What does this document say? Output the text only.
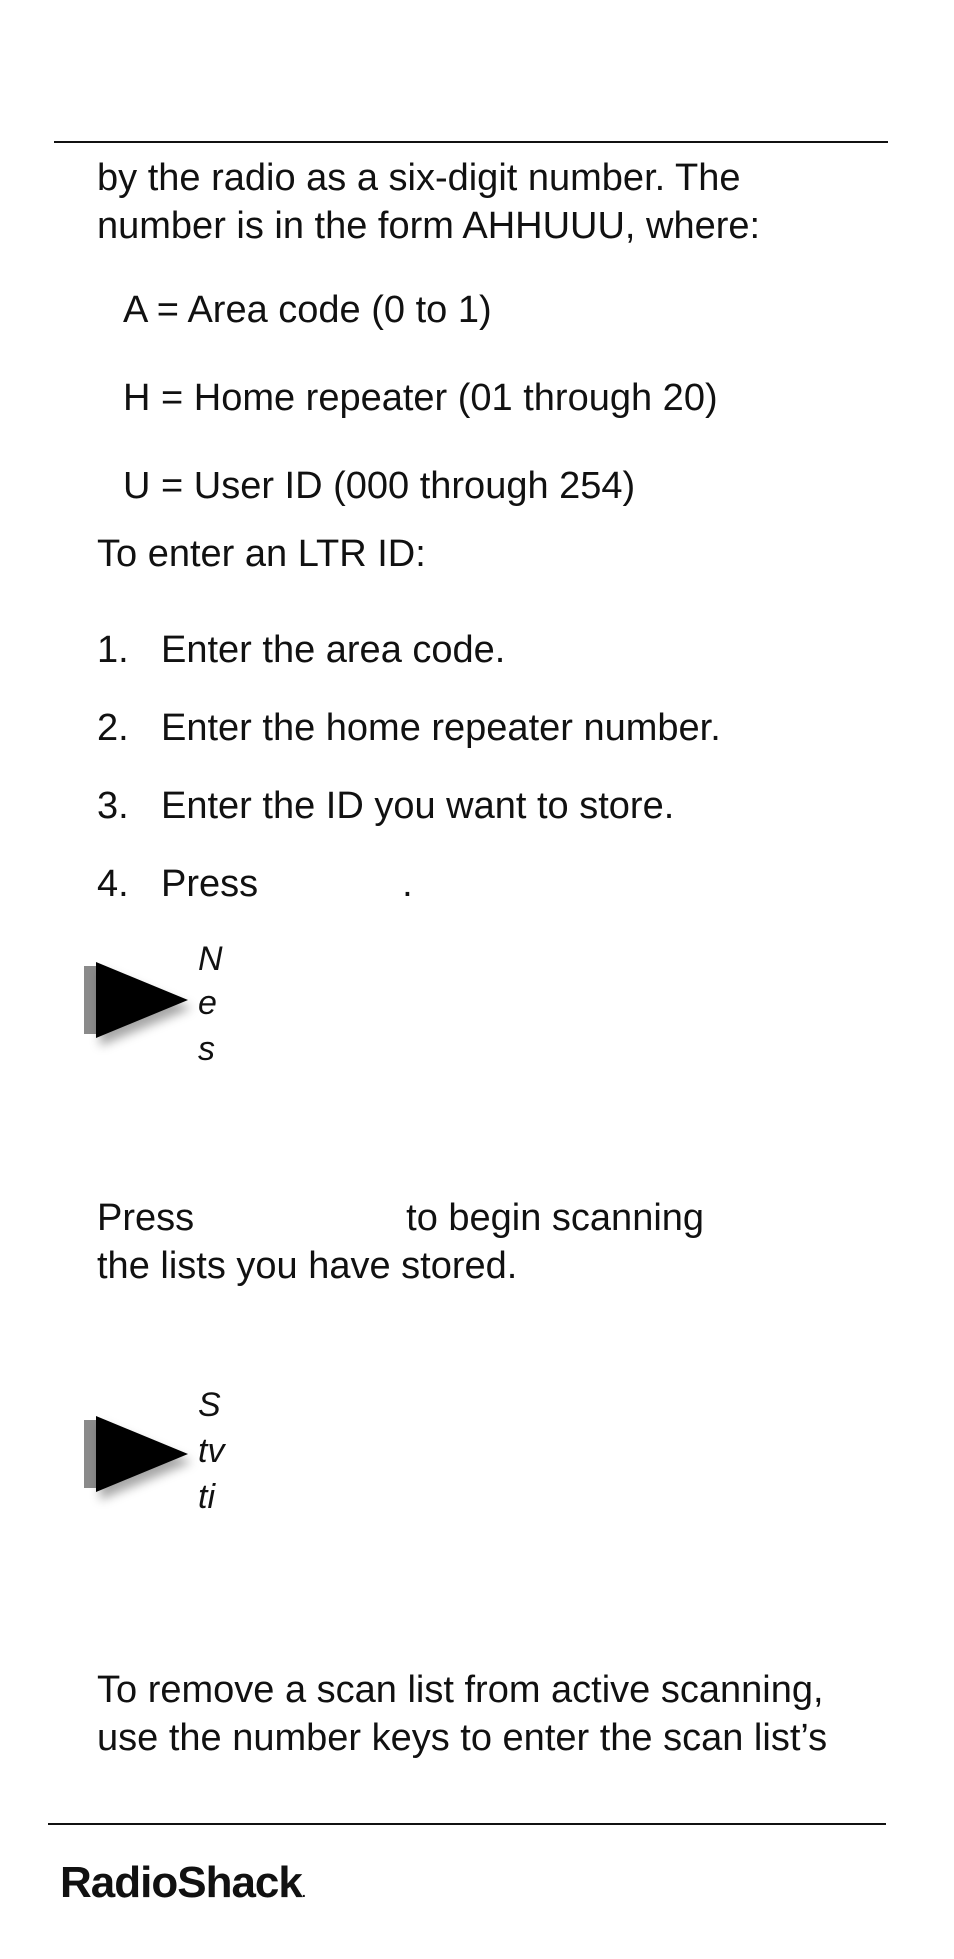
by the radio as a six-digit number. The
number is in the form AHHUUU, where:
A = Area code (0 to 1)
H = Home repeater (01 through 20)
U = User ID (000 through 254)
To enter an LTR ID:
1. Enter the area code.
2. Enter the home repeater number.
3. Enter the ID you want to store.
4. Press	.
N
e
s
Press	to begin scanning
the lists you have stored.
S
tv
ti
To remove a scan list from active scanning,
use the number keys to enter the scan list’s
RadioShack.
